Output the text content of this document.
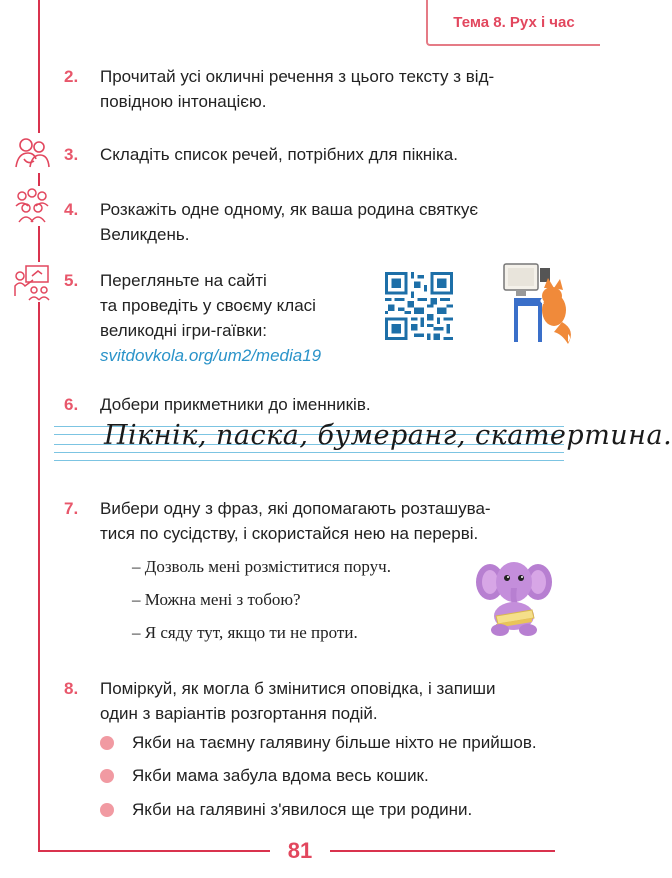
Тема 8. Рух і час
2.	Прочитай усі окличні речення з цього тексту з від-
повідною інтонацією.
3.	Складіть список речей, потрібних для пікніка.
4.	Розкажіть одне одному, як ваша родина святкує
Великдень.
5.	Перегляньте на сайті
та проведіть у своєму класі
великодні ігри-гаївки:
svitdovkola.org/um2/media19
6.	Добери прикметники до іменників.
Пікнік, паска, бумеранг, скатертина.
7.	Вибери одну з фраз, які допомагають розташува-
тися по сусідству, і скористайся нею на перерві.
– Дозволь мені розміститися поруч.
– Можна мені з тобою?
– Я сяду тут, якщо ти не проти.
8.	Поміркуй, як могла б змінитися оповідка, і запиши
один з варіантів розгортання подій.
Якби на таємну галявину більше ніхто не прийшов.
Якби мама забула вдома весь кошик.
Якби на галявині з'явилося ще три родини.
81
